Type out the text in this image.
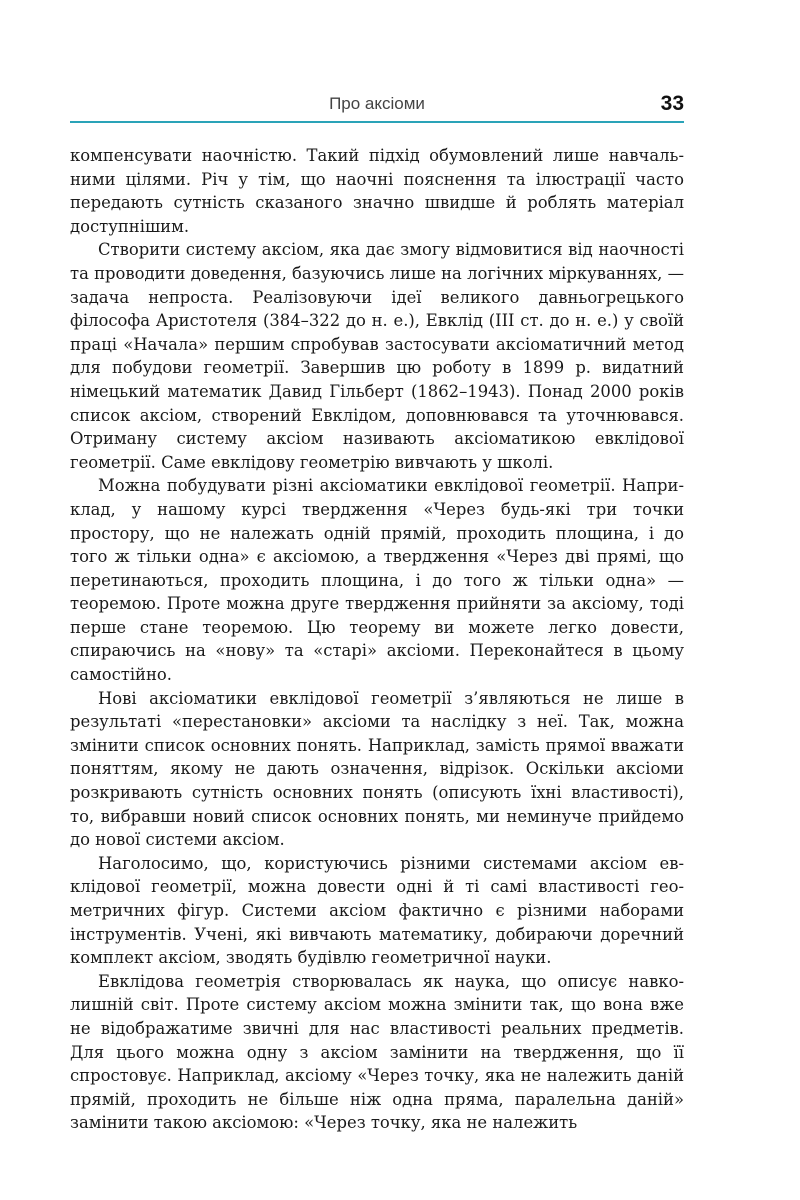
Про аксіоми	33

компенсувати наочністю. Такий підхід обумовлений лише навчальними цілями. Річ у тім, що наочні пояснення та ілюстрації часто передають сутність сказаного значно швидше й роблять матеріал доступнішим.

Створити систему аксіом, яка дає змогу відмовитися від наочності та проводити доведення, базуючись лише на логічних міркуваннях, — задача непроста. Реалізовуючи ідеї великого давньогрецького філософа Аристотеля (384–322 до н. е.), Евклід (ІІІ ст. до н. е.) у своїй праці «Начала» першим спробував застосувати аксіоматичний метод для побудови геометрії. Завершив цю роботу в 1899 р. видатний німецький математик Давид Гільберт (1862–1943). Понад 2000 років список аксіом, створений Евклідом, доповнювався та уточнювався. Отриману систему аксіом називають аксіоматикою евклідової геометрії. Саме евклідову геометрію вивчають у школі.

Можна побудувати різні аксіоматики евклідової геометрії. Наприклад, у нашому курсі твердження «Через будь-які три точки простору, що не належать одній прямій, проходить площина, і до того ж тільки одна» є аксіомою, а твердження «Через дві прямі, що перетинаються, проходить площина, і до того ж тільки одна» — теоремою. Проте можна друге твердження прийняти за аксіому, тоді перше стане теоремою. Цю теорему ви можете легко довести, спираючись на «нову» та «старі» аксіоми. Переконайтеся в цьому самостійно.

Нові аксіоматики евклідової геометрії з’являються не лише в результаті «перестановки» аксіоми та наслідку з неї. Так, можна змінити список основних понять. Наприклад, замість прямої вважати поняттям, якому не дають означення, відрізок. Оскільки аксіоми розкривають сутність основних понять (описують їхні властивості), то, вибравши новий список основних понять, ми неминуче прийдемо до нової системи аксіом.

Наголосимо, що, користуючись різними системами аксіом евклідової геометрії, можна довести одні й ті самі властивості геометричних фігур. Системи аксіом фактично є різними наборами інструментів. Учені, які вивчають математику, добираючи доречний комплект аксіом, зводять будівлю геометричної науки.

Евклідова геометрія створювалась як наука, що описує навколишній світ. Проте систему аксіом можна змінити так, що вона вже не відображатиме звичні для нас властивості реальних предметів. Для цього можна одну з аксіом замінити на твердження, що її спростовує. Наприклад, аксіому «Через точку, яка не належить даній прямій, проходить не більше ніж одна пряма, паралельна даній» замінити такою аксіомою: «Через точку, яка не належить
